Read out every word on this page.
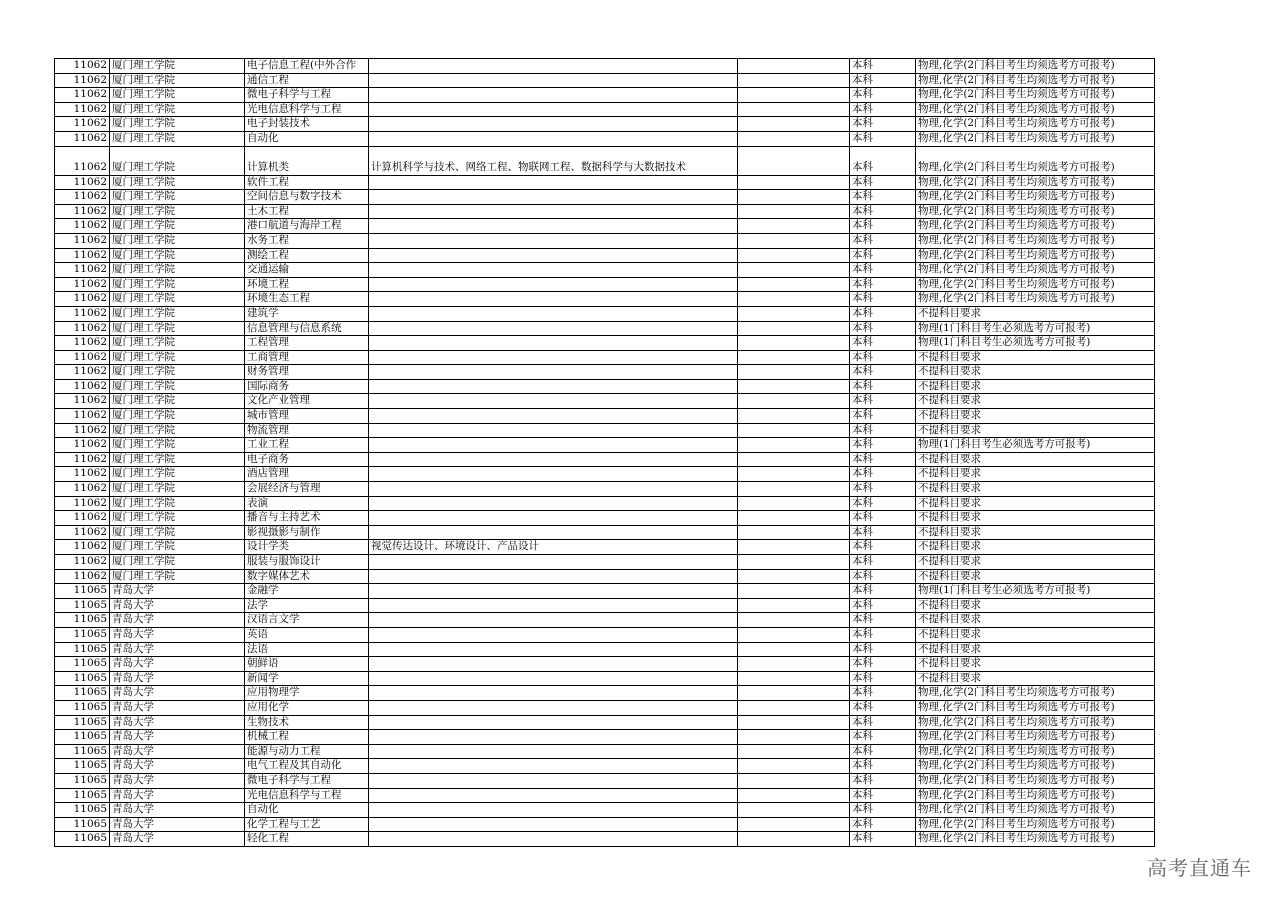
11062	厦门理工学院	电子信息工程(中外合作			本科	物理,化学(2门科目考生均须选考方可报考)
11062	厦门理工学院	通信工程			本科	物理,化学(2门科目考生均须选考方可报考)
11062	厦门理工学院	微电子科学与工程			本科	物理,化学(2门科目考生均须选考方可报考)
11062	厦门理工学院	光电信息科学与工程			本科	物理,化学(2门科目考生均须选考方可报考)
11062	厦门理工学院	电子封装技术			本科	物理,化学(2门科目考生均须选考方可报考)
11062	厦门理工学院	自动化			本科	物理,化学(2门科目考生均须选考方可报考)
11062	厦门理工学院	计算机类	计算机科学与技术、网络工程、物联网工程、数据科学与大数据技术		本科	物理,化学(2门科目考生均须选考方可报考)
11062	厦门理工学院	软件工程			本科	物理,化学(2门科目考生均须选考方可报考)
11062	厦门理工学院	空间信息与数字技术			本科	物理,化学(2门科目考生均须选考方可报考)
11062	厦门理工学院	土木工程			本科	物理,化学(2门科目考生均须选考方可报考)
11062	厦门理工学院	港口航道与海岸工程			本科	物理,化学(2门科目考生均须选考方可报考)
11062	厦门理工学院	水务工程			本科	物理,化学(2门科目考生均须选考方可报考)
11062	厦门理工学院	测绘工程			本科	物理,化学(2门科目考生均须选考方可报考)
11062	厦门理工学院	交通运输			本科	物理,化学(2门科目考生均须选考方可报考)
11062	厦门理工学院	环境工程			本科	物理,化学(2门科目考生均须选考方可报考)
11062	厦门理工学院	环境生态工程			本科	物理,化学(2门科目考生均须选考方可报考)
11062	厦门理工学院	建筑学			本科	不提科目要求
11062	厦门理工学院	信息管理与信息系统			本科	物理(1门科目考生必须选考方可报考)
11062	厦门理工学院	工程管理			本科	物理(1门科目考生必须选考方可报考)
11062	厦门理工学院	工商管理			本科	不提科目要求
11062	厦门理工学院	财务管理			本科	不提科目要求
11062	厦门理工学院	国际商务			本科	不提科目要求
11062	厦门理工学院	文化产业管理			本科	不提科目要求
11062	厦门理工学院	城市管理			本科	不提科目要求
11062	厦门理工学院	物流管理			本科	不提科目要求
11062	厦门理工学院	工业工程			本科	物理(1门科目考生必须选考方可报考)
11062	厦门理工学院	电子商务			本科	不提科目要求
11062	厦门理工学院	酒店管理			本科	不提科目要求
11062	厦门理工学院	会展经济与管理			本科	不提科目要求
11062	厦门理工学院	表演			本科	不提科目要求
11062	厦门理工学院	播音与主持艺术			本科	不提科目要求
11062	厦门理工学院	影视摄影与制作			本科	不提科目要求
11062	厦门理工学院	设计学类	视觉传达设计、环境设计、产品设计		本科	不提科目要求
11062	厦门理工学院	服装与服饰设计			本科	不提科目要求
11062	厦门理工学院	数字媒体艺术			本科	不提科目要求
11065	青岛大学	金融学			本科	物理(1门科目考生必须选考方可报考)
11065	青岛大学	法学			本科	不提科目要求
11065	青岛大学	汉语言文学			本科	不提科目要求
11065	青岛大学	英语			本科	不提科目要求
11065	青岛大学	法语			本科	不提科目要求
11065	青岛大学	朝鲜语			本科	不提科目要求
11065	青岛大学	新闻学			本科	不提科目要求
11065	青岛大学	应用物理学			本科	物理,化学(2门科目考生均须选考方可报考)
11065	青岛大学	应用化学			本科	物理,化学(2门科目考生均须选考方可报考)
11065	青岛大学	生物技术			本科	物理,化学(2门科目考生均须选考方可报考)
11065	青岛大学	机械工程			本科	物理,化学(2门科目考生均须选考方可报考)
11065	青岛大学	能源与动力工程			本科	物理,化学(2门科目考生均须选考方可报考)
11065	青岛大学	电气工程及其自动化			本科	物理,化学(2门科目考生均须选考方可报考)
11065	青岛大学	微电子科学与工程			本科	物理,化学(2门科目考生均须选考方可报考)
11065	青岛大学	光电信息科学与工程			本科	物理,化学(2门科目考生均须选考方可报考)
11065	青岛大学	自动化			本科	物理,化学(2门科目考生均须选考方可报考)
11065	青岛大学	化学工程与工艺			本科	物理,化学(2门科目考生均须选考方可报考)
11065	青岛大学	轻化工程			本科	物理,化学(2门科目考生均须选考方可报考)
高考直通车
